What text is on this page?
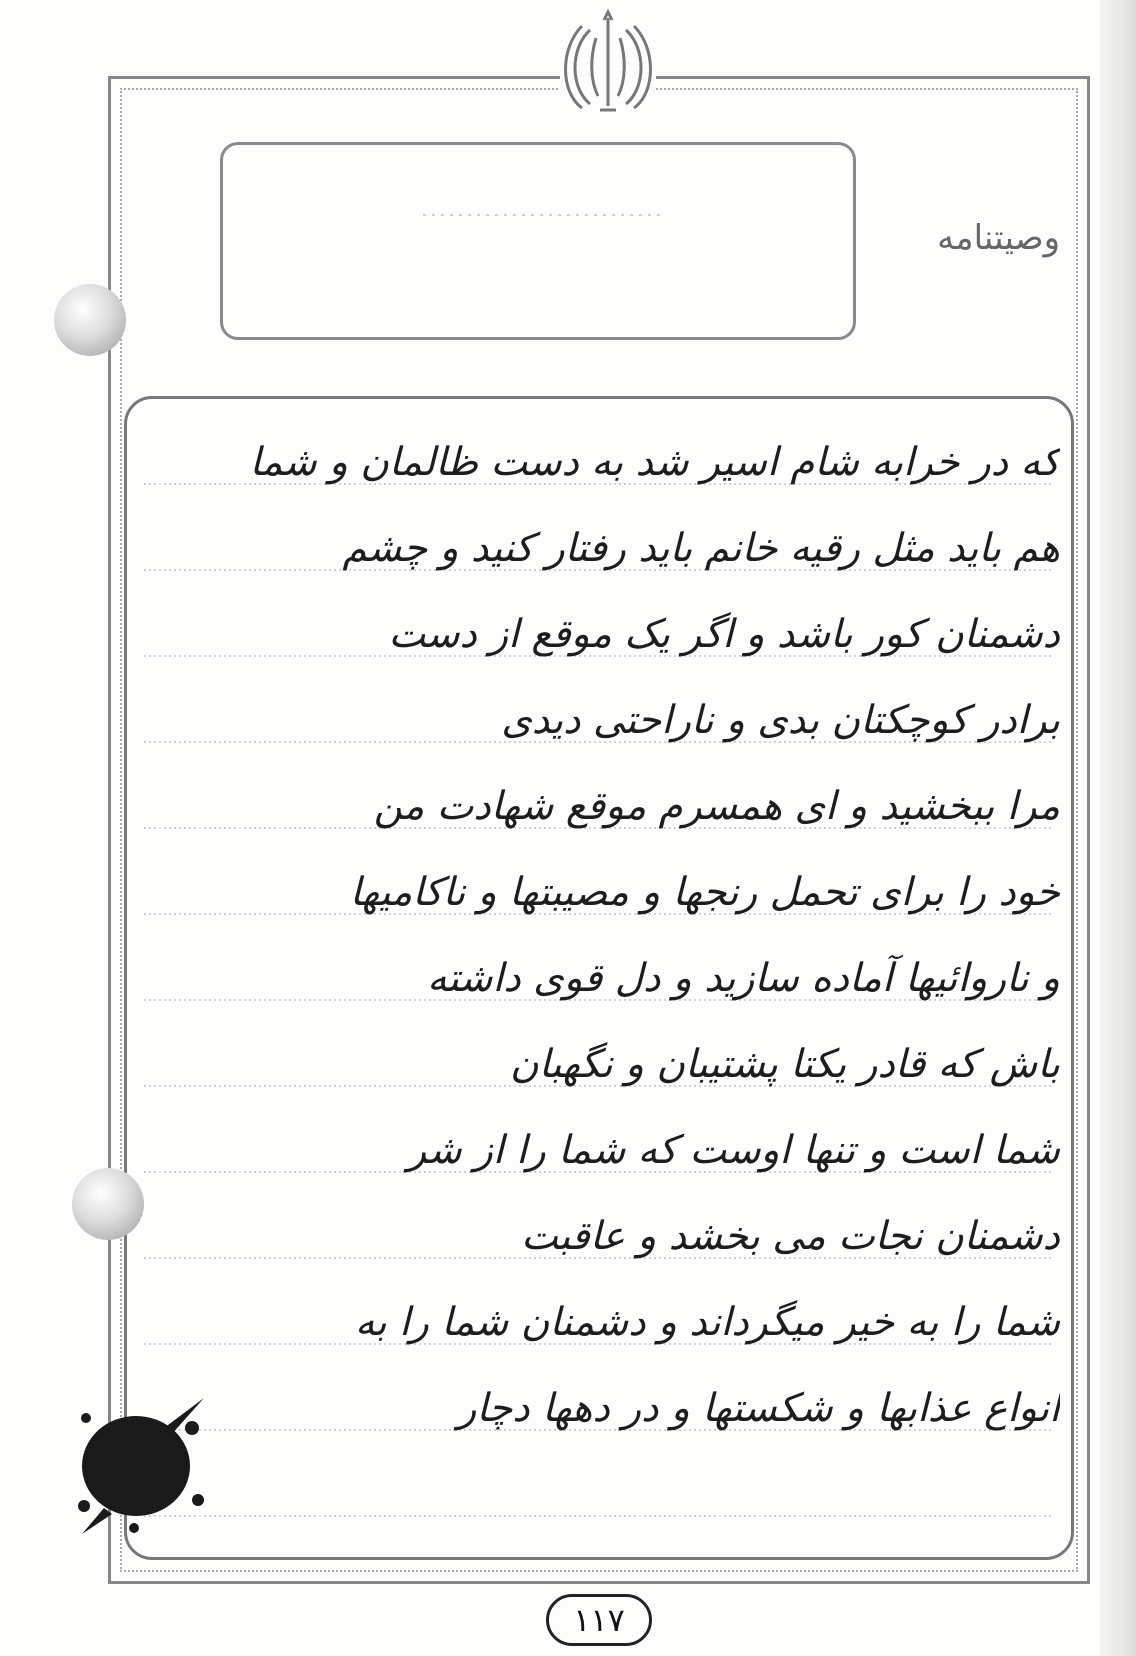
وصیتنامه
که در خرابه شام اسیر شد به دست ظالمان و شما
هم باید مثل رقیه خانم باید رفتار کنید و چشم
دشمنان کور باشد و اگر یک موقع از دست
برادر کوچکتان بدی و ناراحتی دیدی
مرا ببخشید و ای همسرم موقع شهادت من
خود را برای تحمل رنجها و مصیبتها و ناکامیها
و ناروائیها آماده سازید و دل قوی داشته
باش که قادر یکتا پشتیبان و نگهبان
شما است و تنها اوست که شما را از شر
دشمنان نجات می بخشد و عاقبت
شما را به خیر میگرداند و دشمنان شما را به
انواع عذابها و شکستها و در دهها دچار
۱۱۷
